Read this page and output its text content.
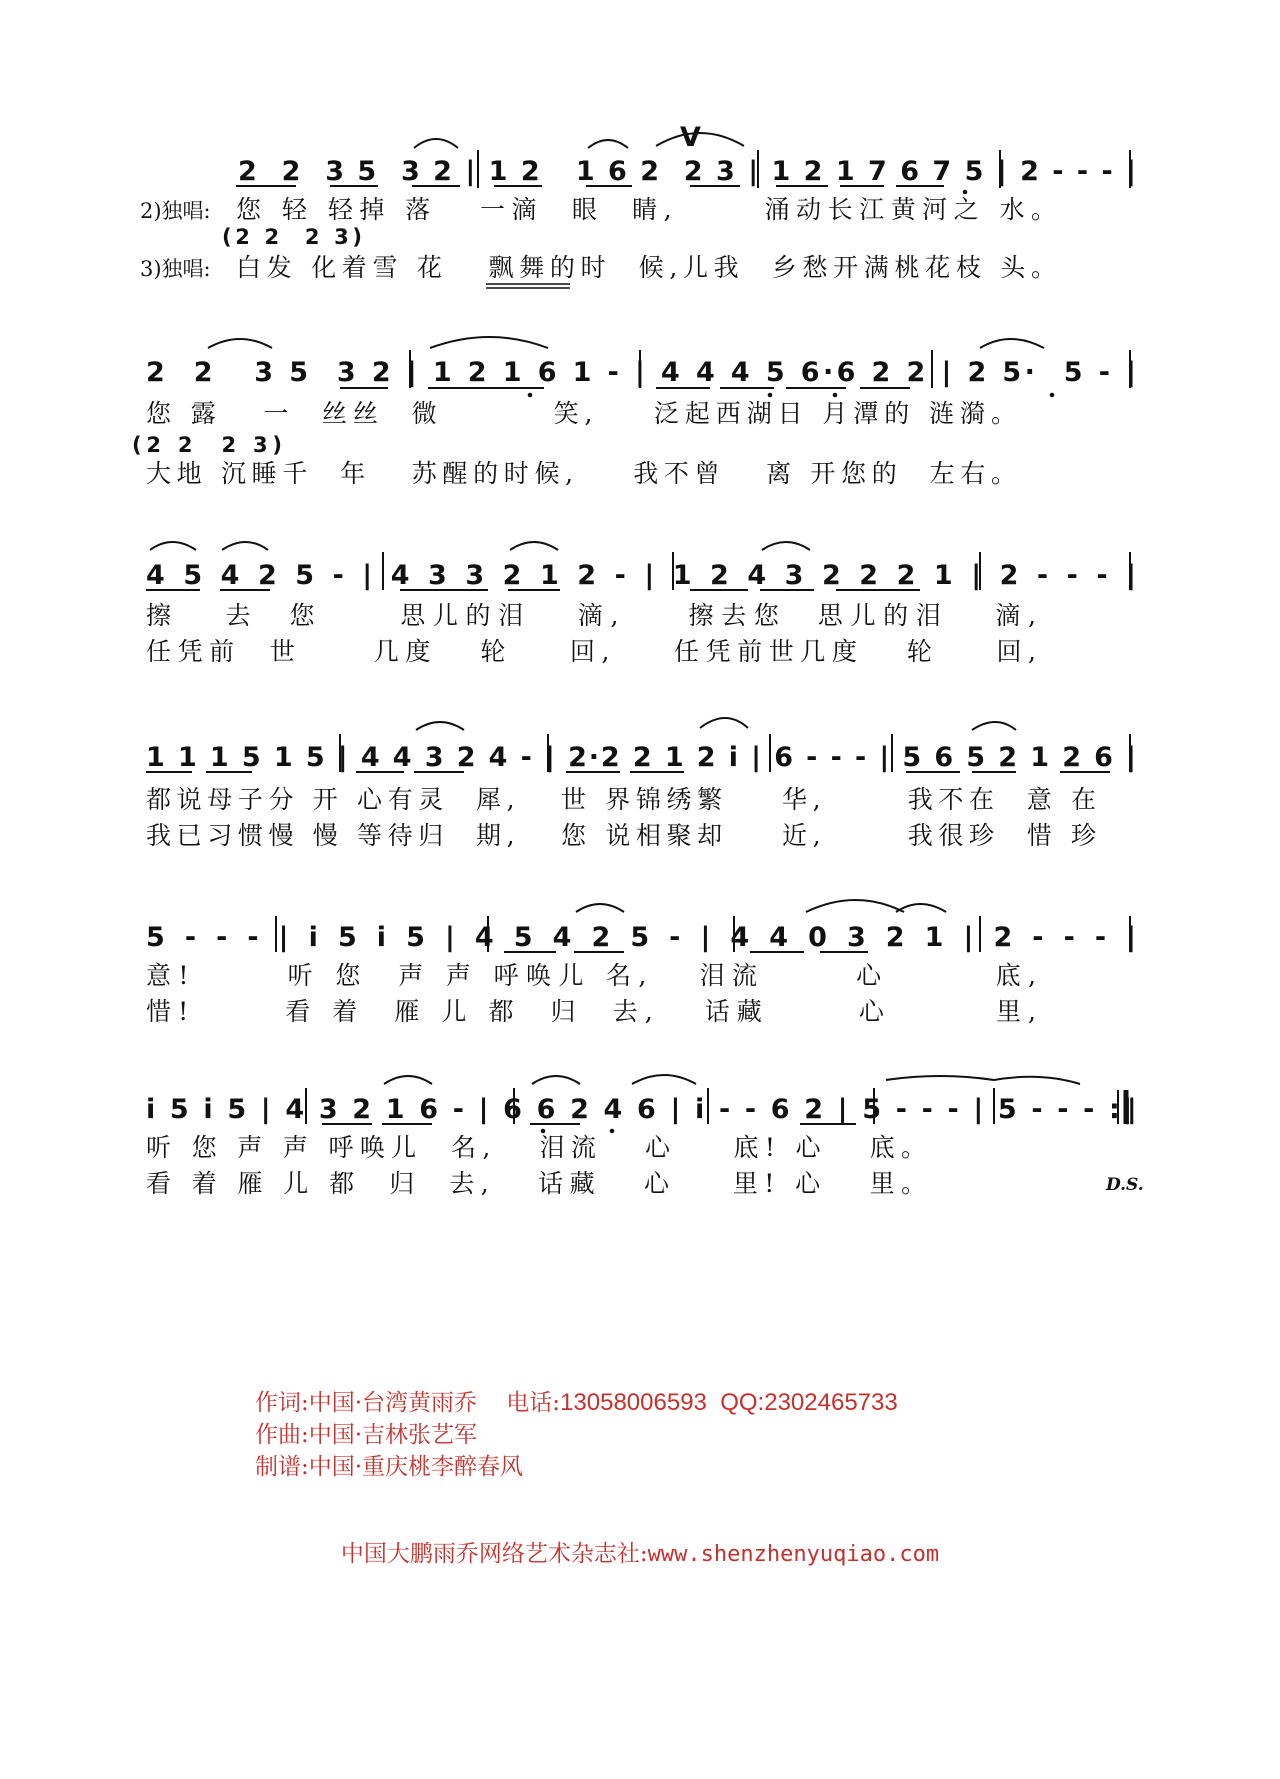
2  2  3 5  3 2 | 1 2   1 6 2  2 3 | 1 2 1 7 6 7 5 | 2 - - - |
V
2)独唱: 您 轻 轻掉 落   一滴  眼  睛,      涌动长江黄河之 水。
(2 2  2 3)
3)独唱: 白发 化着雪 花   飘舞的时  候,儿我  乡愁开满桃花枝 头。
2  2   3 5  3 2 | 1 2 1 6 1 - | 4 4 4 5 6·6 2 2 | 2 5·  5 - |
您 露   一  丝丝  微        笑,    泛起西湖日 月潭的 涟漪。
(2 2  2 3)
大地 沉睡千  年   苏醒的时候,    我不曾   离 开您的  左右。
4 5 4 2 5 - | 4 3 3 2 1 2 - | 1 2 4 3 2 2 2 1 | 2 - - - |
擦   去  您     思儿的泪   滴,    擦去您  思儿的泪   滴,
任凭前  世     几度   轮    回,    任凭前世几度   轮    回,
1 1 1 5 1 5 | 4 4 3 2 4 - | 2·2 2 1 2 i | 6 - - - | 5 6 5 2 1 2 6 |
都说母子分 开 心有灵  犀,   世 界锦绣繁    华,      我不在  意 在
我已习惯慢 慢 等待归  期,   您 说相聚却    近,      我很珍  惜 珍
5 - - - | i 5 i 5 | 4 5 4 2 5 - | 4 4 0 3 2 1 | 2 - - - |
意!      听 您  声 声 呼唤儿 名,   泪流      心       底,
惜!      看 着  雁 儿 都  归  去,   话藏      心       里,
i 5 i 5 | 4 3 2 1 6 - | 6 6 2 4 6 | i - - 6 2 | 5 - - - | 5 - - - :‖
听 您 声 声 呼唤儿  名,   泪流   心    底! 心   底。
看 着 雁 儿 都  归  去,   话藏   心    里! 心   里。	D.S.
作词:中国·台湾黄雨乔    电话:13058006593  QQ:2302465733
作曲:中国·吉林张艺军
制谱:中国·重庆桃李醉春风
中国大鹏雨乔网络艺术杂志社:www.shenzhenyuqiao.com
